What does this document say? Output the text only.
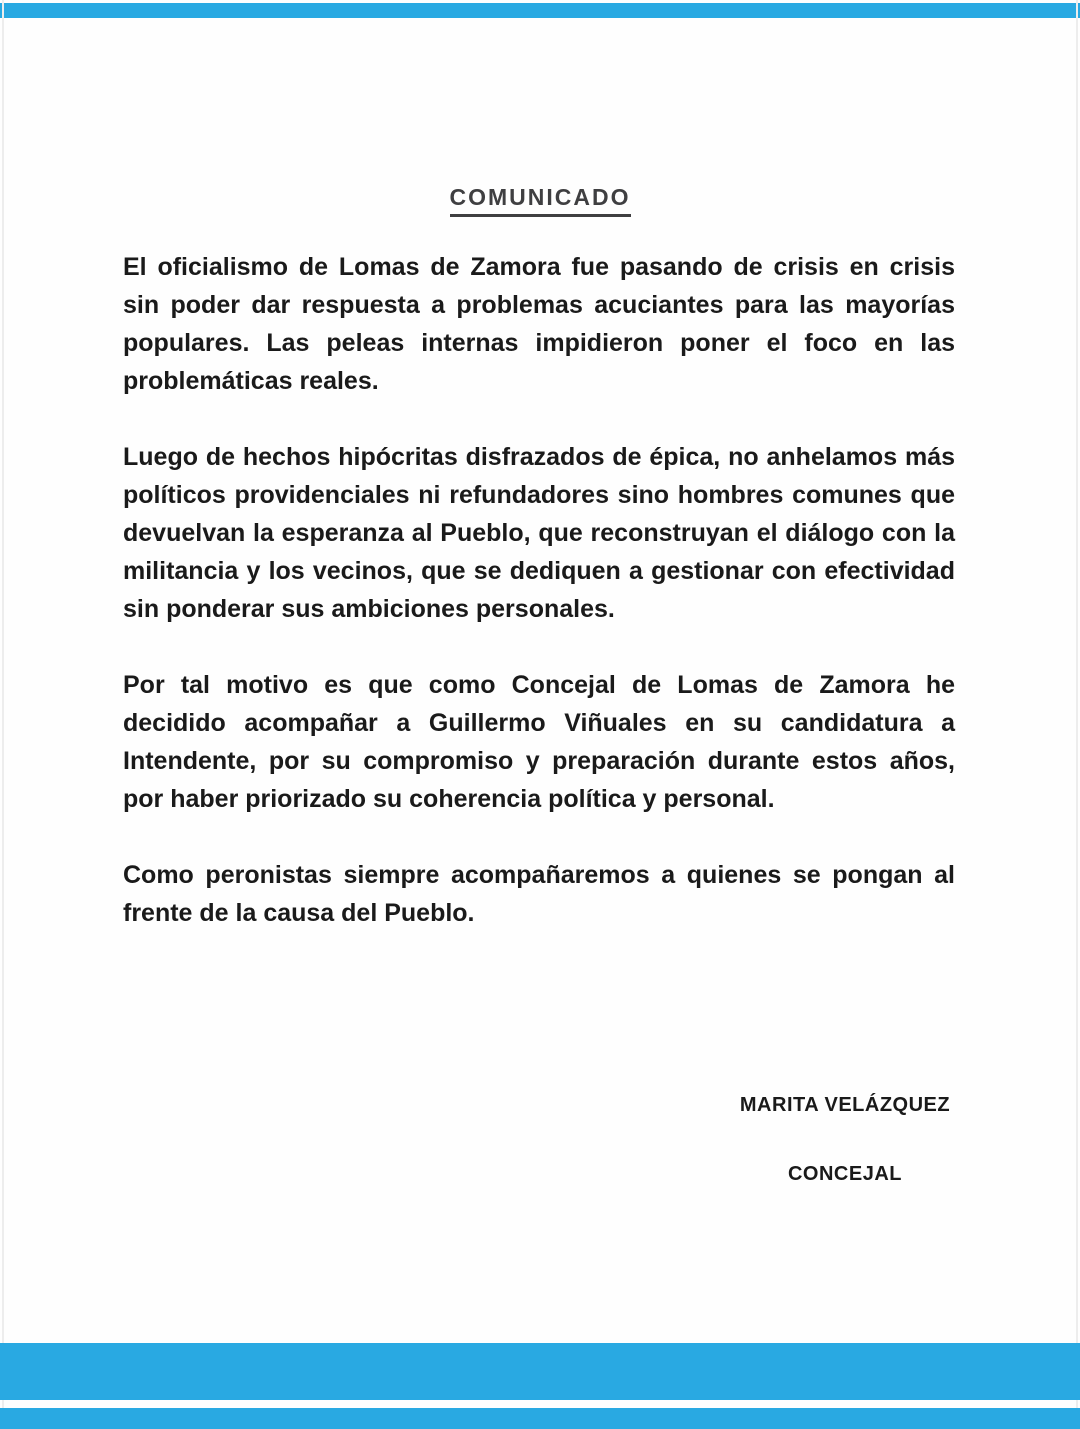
COMUNICADO

El oficialismo de Lomas de Zamora fue pasando de crisis en crisis sin poder dar respuesta a problemas acuciantes para las mayorías populares. Las peleas internas impidieron poner el foco en las problemáticas reales.

Luego de hechos hipócritas disfrazados de épica, no anhelamos más políticos providenciales ni refundadores sino hombres comunes que devuelvan la esperanza al Pueblo, que reconstruyan el diálogo con la militancia y los vecinos, que se dediquen a gestionar con efectividad sin ponderar sus ambiciones personales.

Por tal motivo es que como Concejal de Lomas de Zamora he decidido acompañar a Guillermo Viñuales en su candidatura a Intendente, por su compromiso y preparación durante estos años, por haber priorizado su coherencia política y personal.

Como peronistas siempre acompañaremos a quienes se pongan al frente de la causa del Pueblo.

MARITA VELÁZQUEZ
CONCEJAL
